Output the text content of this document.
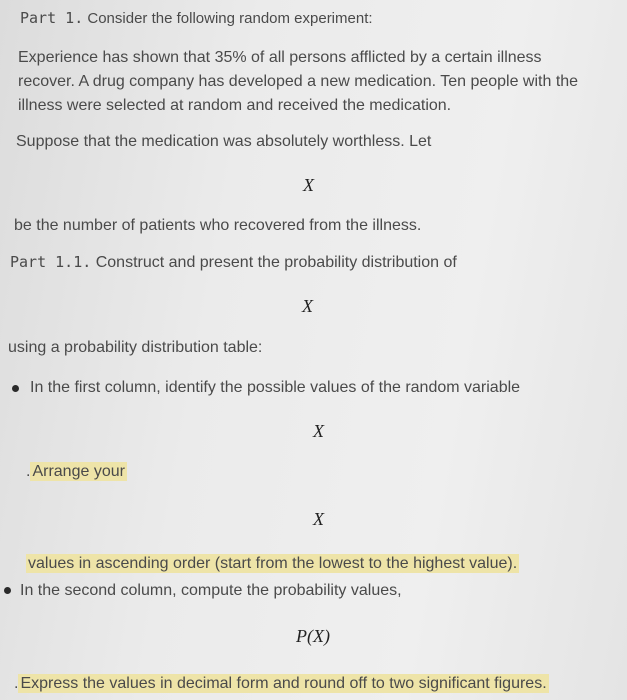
Part 1. Consider the following random experiment:
Experience has shown that 35% of all persons afflicted by a certain illness
recover. A drug company has developed a new medication. Ten people with the
illness were selected at random and received the medication.
Suppose that the medication was absolutely worthless. Let
X
be the number of patients who recovered from the illness.
Part 1.1. Construct and present the probability distribution of
X
using a probability distribution table:
In the first column, identify the possible values of the random variable
X
. Arrange your
X
values in ascending order (start from the lowest to the highest value).
In the second column, compute the probability values,
P(X)
. Express the values in decimal form and round off to two significant figures.
